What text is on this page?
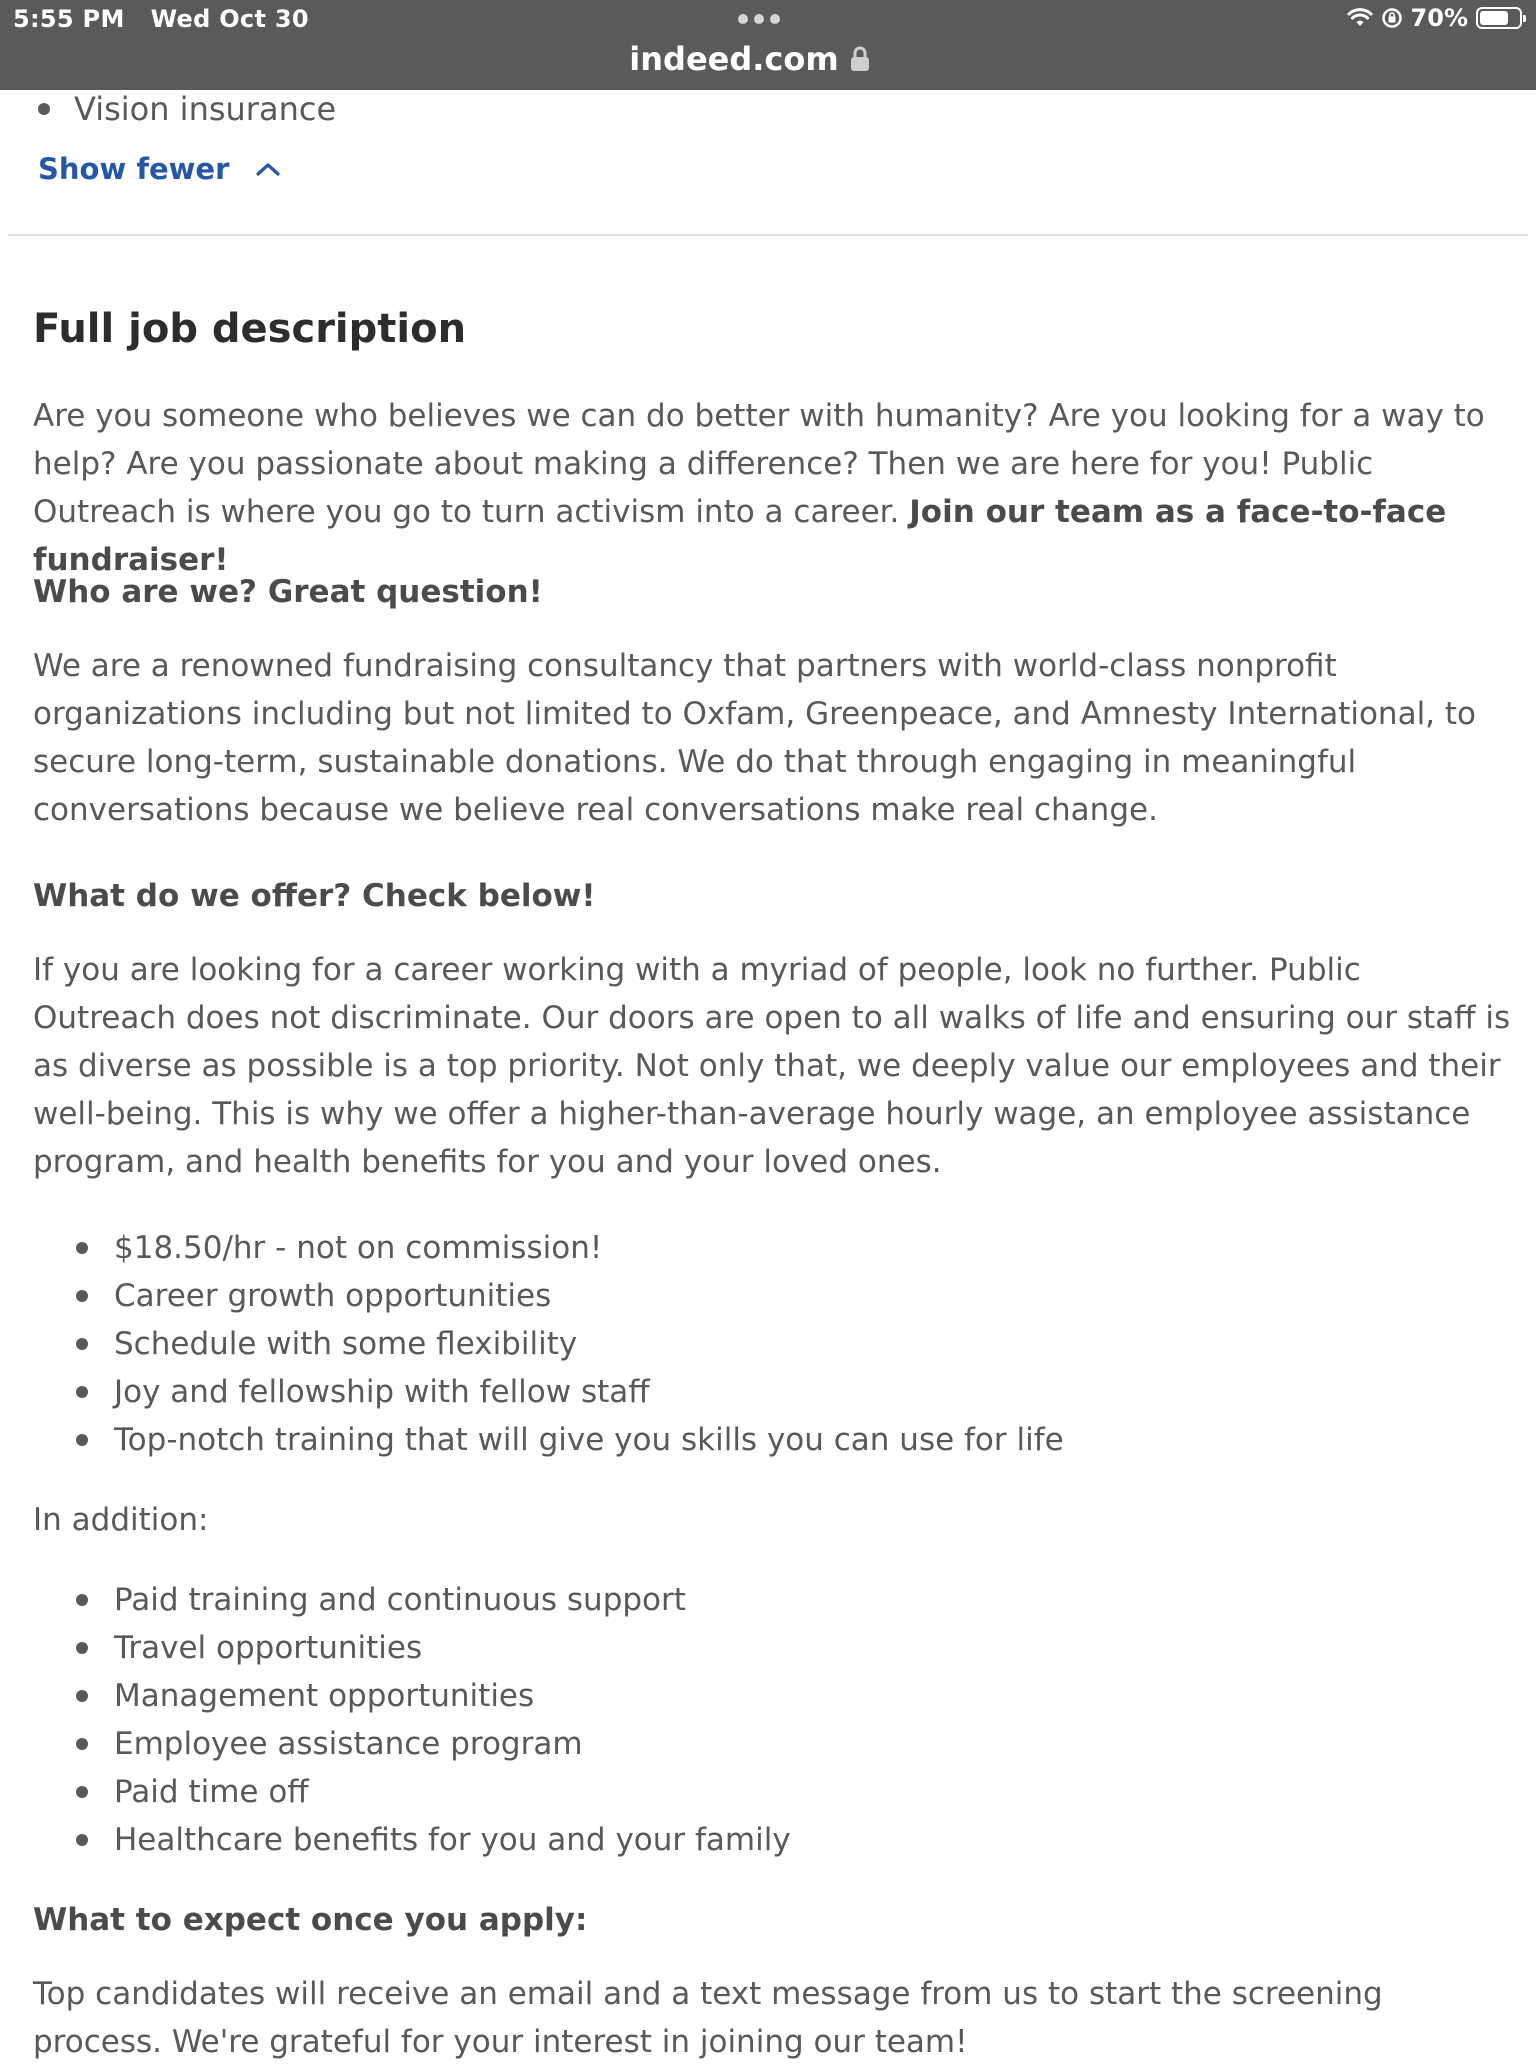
5:55 PM Wed Oct 30
indeed.com
70%
Vision insurance
Show fewer
Full job description

Are you someone who believes we can do better with humanity? Are you looking for a way to help? Are you passionate about making a difference? Then we are here for you! Public Outreach is where you go to turn activism into a career. Join our team as a face-to-face fundraiser!

Who are we? Great question!

We are a renowned fundraising consultancy that partners with world-class nonprofit organizations including but not limited to Oxfam, Greenpeace, and Amnesty International, to secure long-term, sustainable donations. We do that through engaging in meaningful conversations because we believe real conversations make real change.

What do we offer? Check below!

If you are looking for a career working with a myriad of people, look no further. Public Outreach does not discriminate. Our doors are open to all walks of life and ensuring our staff is as diverse as possible is a top priority. Not only that, we deeply value our employees and their well-being. This is why we offer a higher-than-average hourly wage, an employee assistance program, and health benefits for you and your loved ones.

$18.50/hr - not on commission!
Career growth opportunities
Schedule with some flexibility
Joy and fellowship with fellow staff
Top-notch training that will give you skills you can use for life

In addition:

Paid training and continuous support
Travel opportunities
Management opportunities
Employee assistance program
Paid time off
Healthcare benefits for you and your family

What to expect once you apply:

Top candidates will receive an email and a text message from us to start the screening process. We're grateful for your interest in joining our team!
